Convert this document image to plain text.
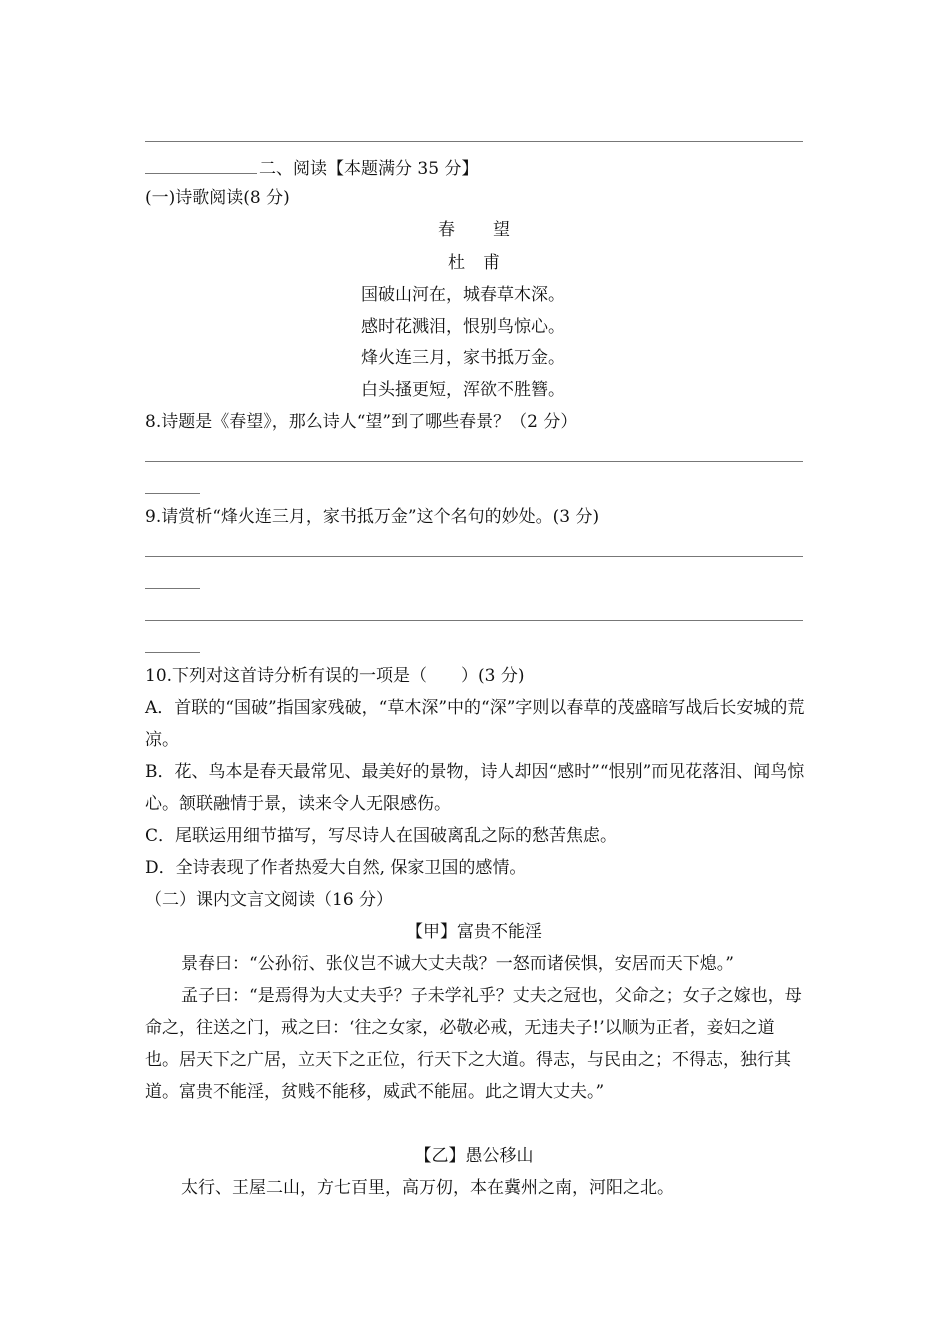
二、阅读【本题满分 35 分】
(一)诗歌阅读(8 分)
春望
杜甫
国破山河在，城春草木深。
感时花溅泪，恨别鸟惊心。
烽火连三月，家书抵万金。
白头搔更短，浑欲不胜簪。
8.诗题是《春望》，那么诗人“望”到了哪些春景？（2 分）
9.请赏析“烽火连三月，家书抵万金”这个名句的妙处。(3 分)
10.下列对这首诗分析有误的一项是（　　）(3 分)
A．首联的“国破”指国家残破，“草木深”中的“深”字则以春草的茂盛暗写战后长安城的荒凉。
B．花、鸟本是春天最常见、最美好的景物，诗人却因“感时”“恨别”而见花落泪、闻鸟惊心。颔联融情于景，读来令人无限感伤。
C．尾联运用细节描写，写尽诗人在国破离乱之际的愁苦焦虑。
D．全诗表现了作者热爱大自然, 保家卫国的感情。
（二）课内文言文阅读（16 分）
【甲】富贵不能淫
景春曰：“公孙衍、张仪岂不诚大丈夫哉？一怒而诸侯惧，安居而天下熄。”
孟子曰：“是焉得为大丈夫乎？子未学礼乎？丈夫之冠也，父命之；女子之嫁也，母命之，往送之门，戒之曰：‘往之女家，必敬必戒，无违夫子!’以顺为正者，妾妇之道也。居天下之广居，立天下之正位，行天下之大道。得志，与民由之；不得志，独行其道。富贵不能淫，贫贱不能移，威武不能屈。此之谓大丈夫。”
【乙】愚公移山
太行、王屋二山，方七百里，高万仞，本在冀州之南，河阳之北。
